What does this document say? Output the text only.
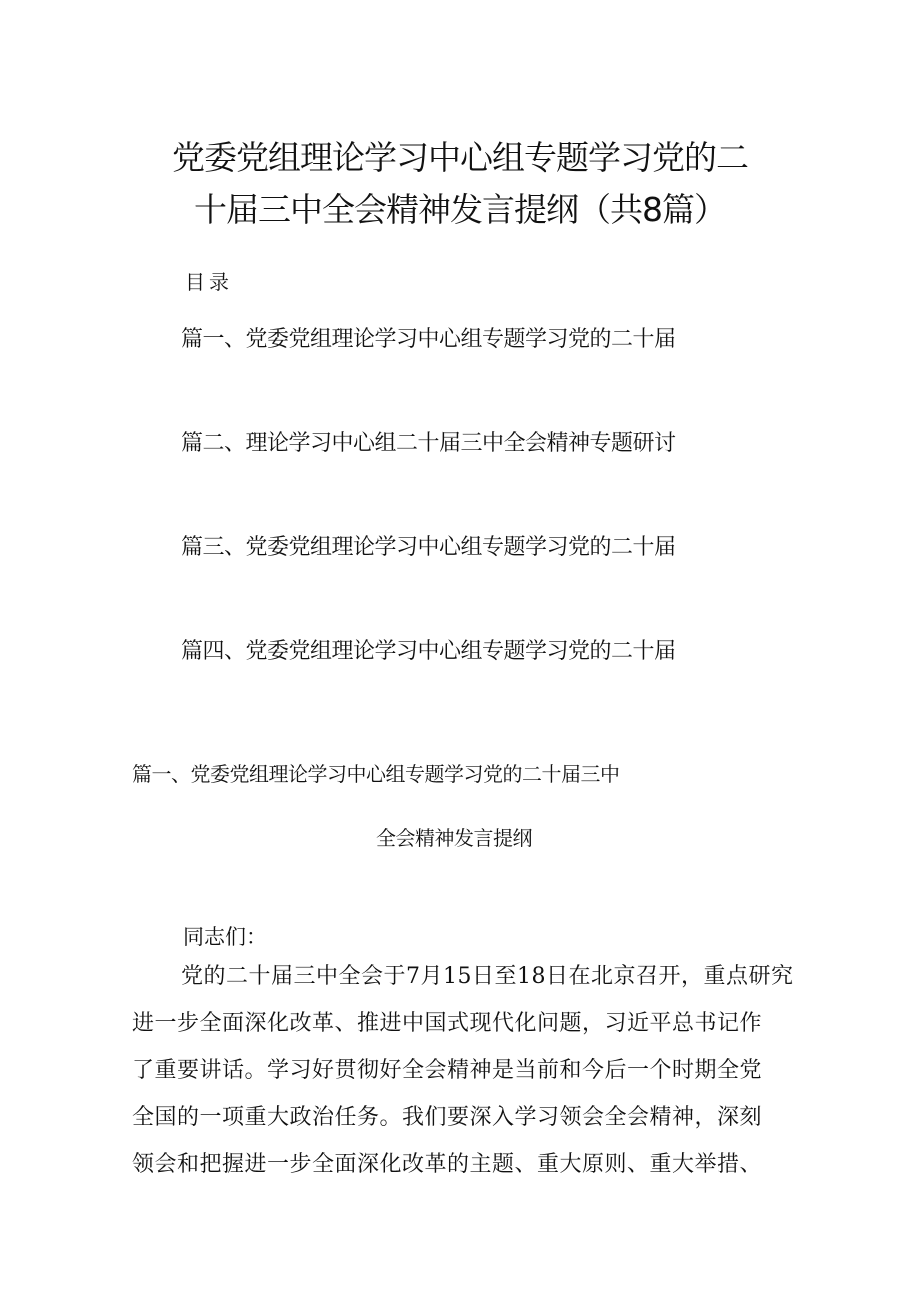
党委党组理论学习中心组专题学习党的二
十届三中全会精神发言提纲（共8篇）
目录
篇一、党委党组理论学习中心组专题学习党的二十届
篇二、理论学习中心组二十届三中全会精神专题研讨
篇三、党委党组理论学习中心组专题学习党的二十届
篇四、党委党组理论学习中心组专题学习党的二十届
篇一、党委党组理论学习中心组专题学习党的二十届三中
全会精神发言提纲
同志们：
党的二十届三中全会于7月15日至18日在北京召开，重点研究
进一步全面深化改革、推进中国式现代化问题，习近平总书记作
了重要讲话。学习好贯彻好全会精神是当前和今后一个时期全党
全国的一项重大政治任务。我们要深入学习领会全会精神，深刻
领会和把握进一步全面深化改革的主题、重大原则、重大举措、
